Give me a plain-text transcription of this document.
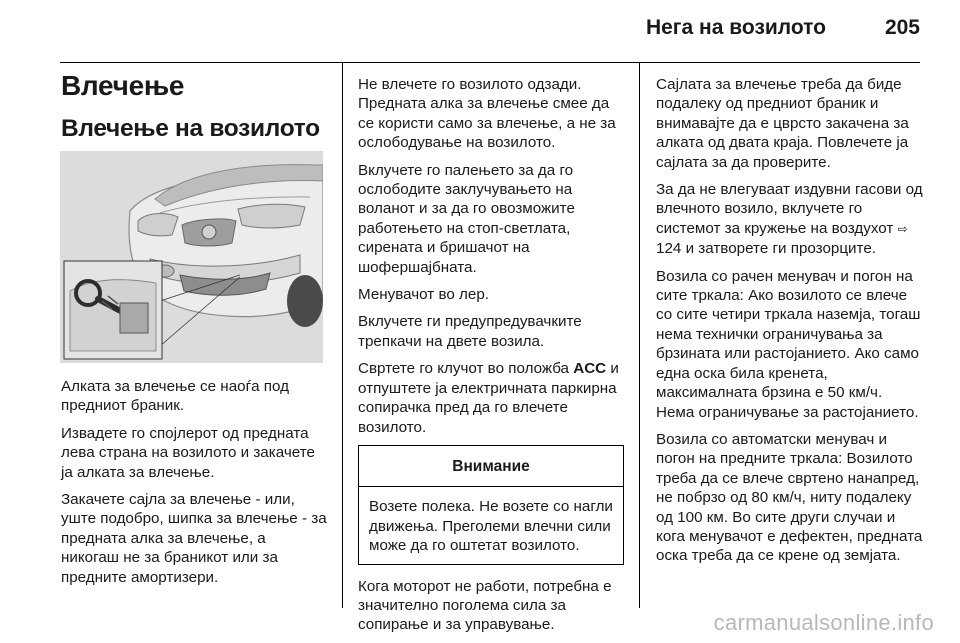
Нега на возилото	205
Влечење
Влечење на возилото

Алката за влечење се наоѓа под предниот браник.

Извадете го спојлерот од предната лева страна на возилото и закачете ја алката за влечење.

Закачете сајла за влечење - или, уште подобро, шипка за влечење - за предната алка за влечење, а никогаш не за браникот или за предните амортизери.

Не влечете го возилото одзади. Предната алка за влечење смее да се користи само за влечење, а не за ослободување на возилото.

Вклучете го палењето за да го ослободите заклучувањето на воланот и за да го овозможите работењето на стоп-светлата, сирената и бришачот на шофершајбната.

Менувачот во лер.

Вклучете ги предупредувачките трепкачи на двете возила.

Свртете го клучот во положба ACC и отпуштете ја електричната паркирна сопирачка пред да го влечете возилото.

Внимание
Возете полека. Не возете со нагли движења. Преголеми влечни сили може да го оштетат возилото.

Кога моторот не работи, потребна е значително поголема сила за сопирање и за управување.

Сајлата за влечење треба да биде подалеку од предниот браник и внимавајте да е цврсто закачена за алката од двата краја. Повлечете ја сајлата за да проверите.

За да не влегуваат издувни гасови од влечното возило, вклучете го системот за кружење на воздухот ⇨ 124 и затворете ги прозорците.

Возила со рачен менувач и погон на сите тркала: Ако возилото се влече со сите четири тркала наземја, тогаш нема технички ограничувања за брзината или растојанието. Ако само една оска била кренета, максималната брзина е 50 км/ч. Нема ограничување за растојанието.

Возила со автоматски менувач и погон на предните тркала: Возилото треба да се влече свртено нанапред, не побрзо од 80 км/ч, ниту подалеку од 100 км. Во сите други случаи и кога менувачот е дефектен, предната оска треба да се крене од земјата.

carmanualsonline.info
